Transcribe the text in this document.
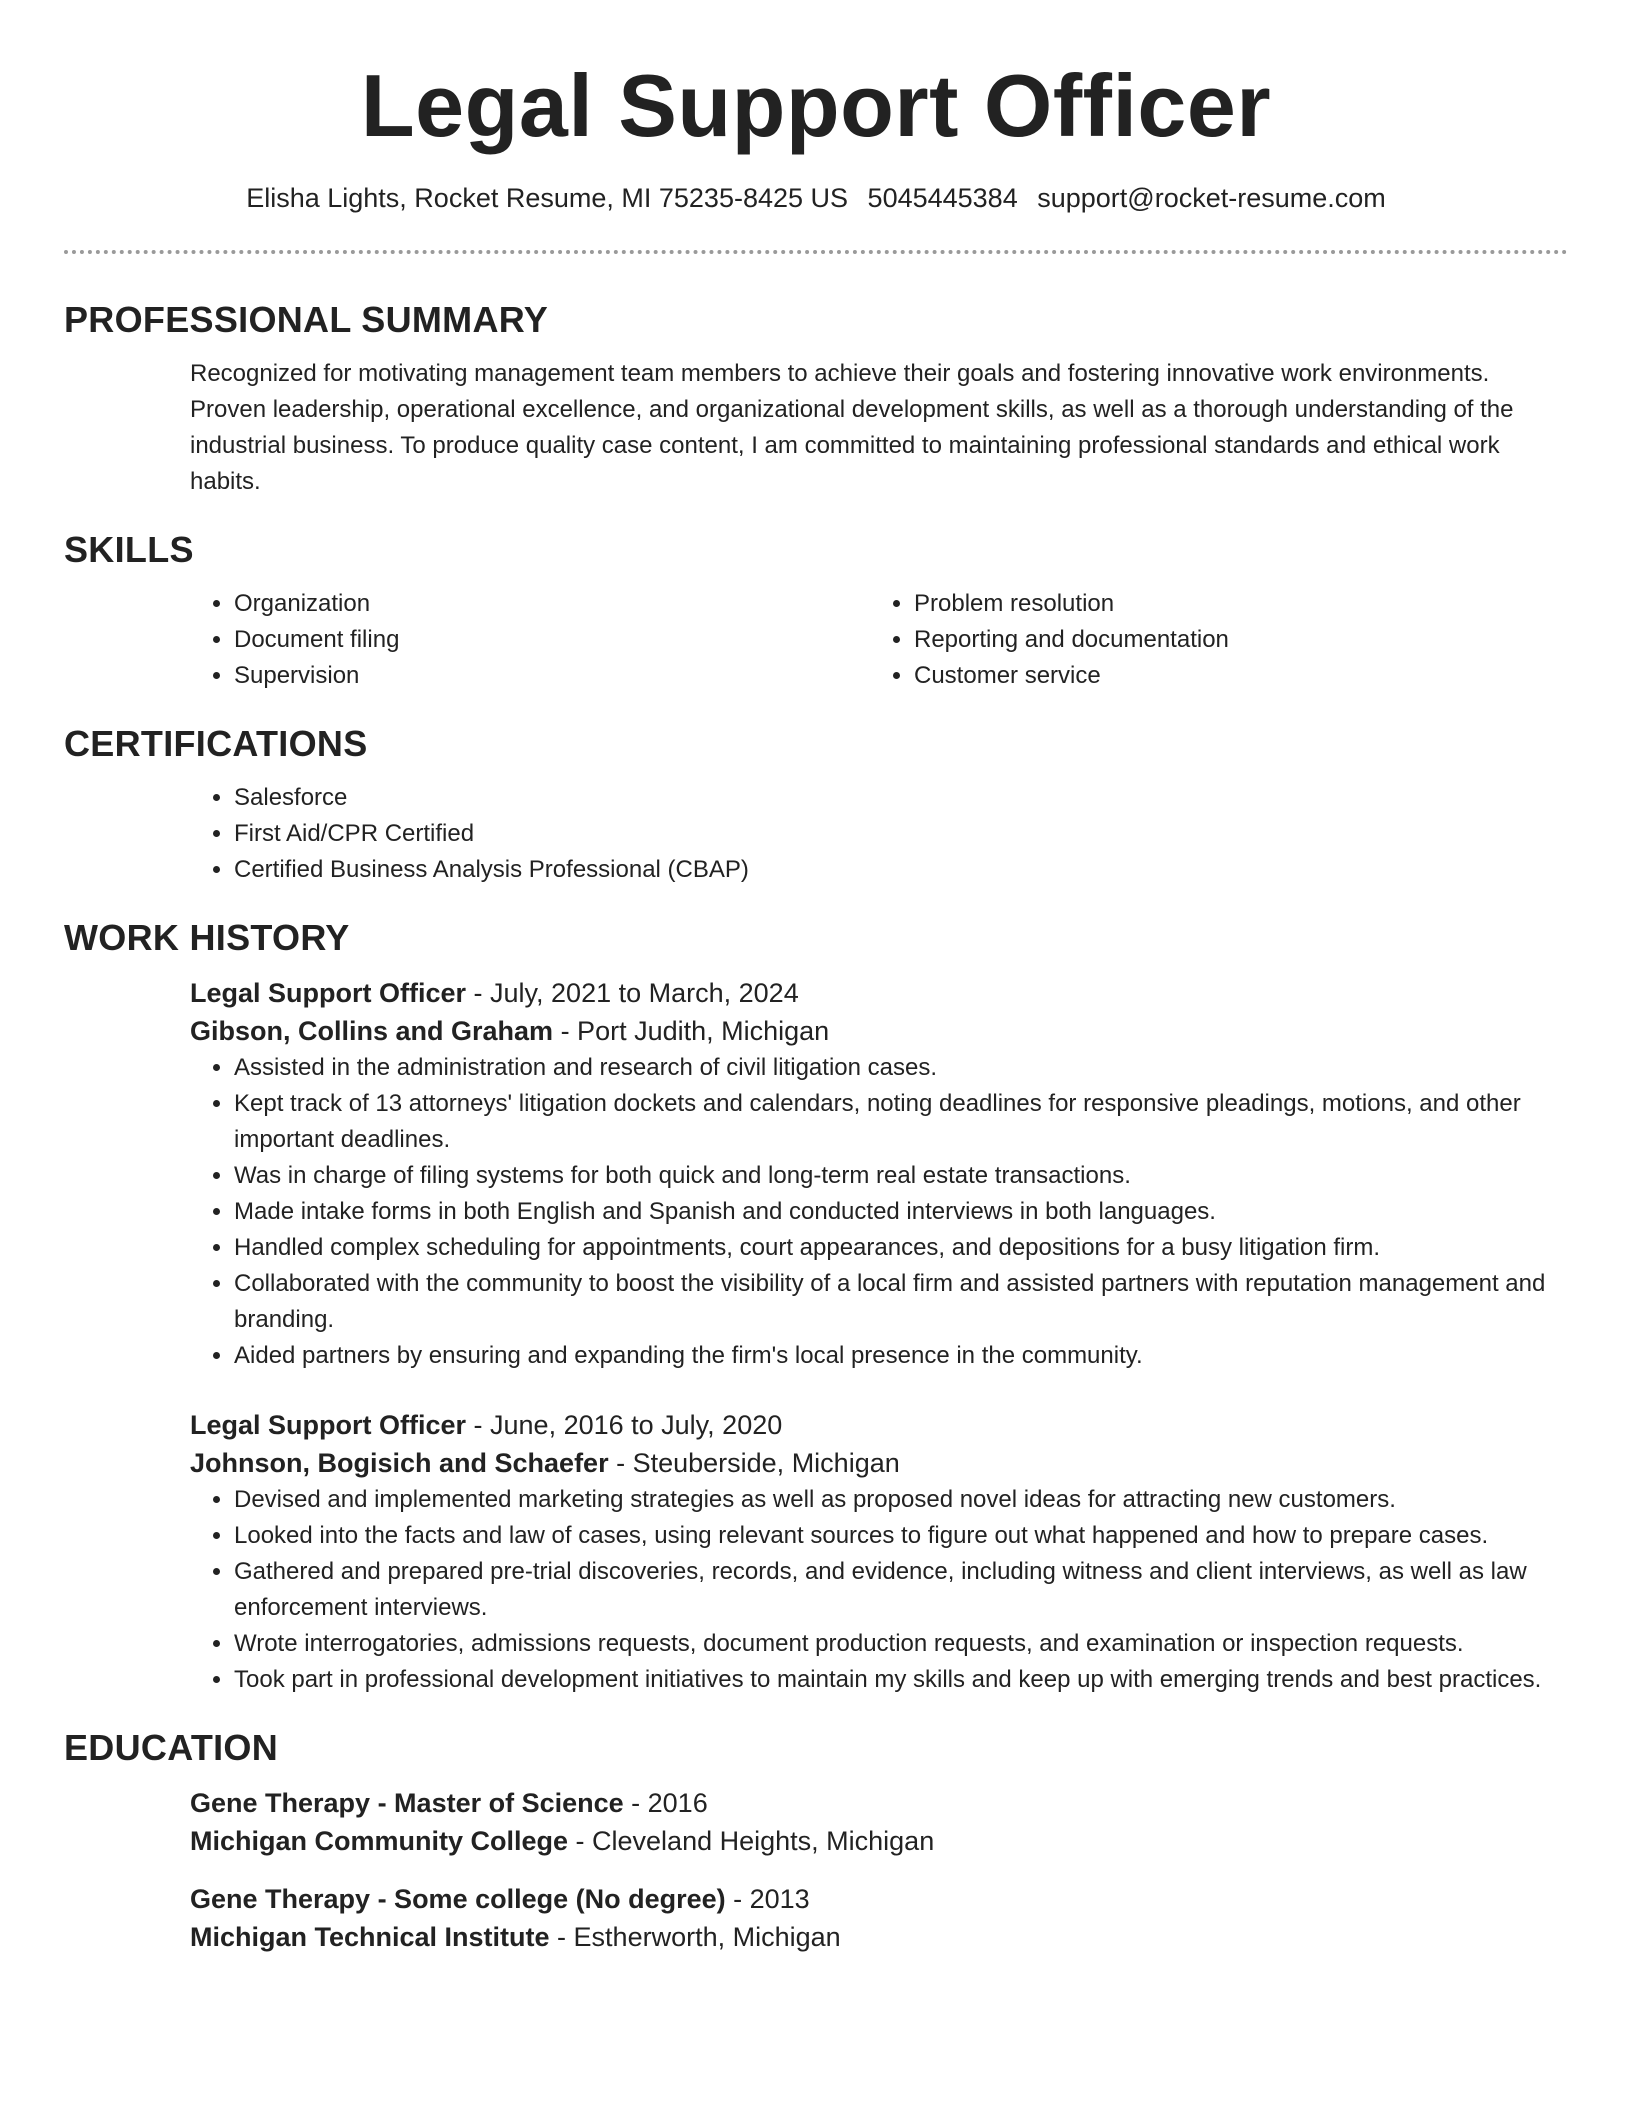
Legal Support Officer
Elisha Lights, Rocket Resume, MI 75235-8425 US 5045445384 support@rocket-resume.com
PROFESSIONAL SUMMARY

Recognized for motivating management team members to achieve their goals and fostering innovative work environments. Proven leadership, operational excellence, and organizational development skills, as well as a thorough understanding of the industrial business. To produce quality case content, I am committed to maintaining professional standards and ethical work habits.

SKILLS
• Organization
• Document filing
• Supervision
• Problem resolution
• Reporting and documentation
• Customer service
CERTIFICATIONS
• Salesforce
• First Aid/CPR Certified
• Certified Business Analysis Professional (CBAP)
WORK HISTORY
Legal Support Officer - July, 2021 to March, 2024
Gibson, Collins and Graham - Port Judith, Michigan
• Assisted in the administration and research of civil litigation cases.
• Kept track of 13 attorneys' litigation dockets and calendars, noting deadlines for responsive pleadings, motions, and other important deadlines.
• Was in charge of filing systems for both quick and long-term real estate transactions.
• Made intake forms in both English and Spanish and conducted interviews in both languages.
• Handled complex scheduling for appointments, court appearances, and depositions for a busy litigation firm.
• Collaborated with the community to boost the visibility of a local firm and assisted partners with reputation management and branding.
• Aided partners by ensuring and expanding the firm's local presence in the community.
Legal Support Officer - June, 2016 to July, 2020
Johnson, Bogisich and Schaefer - Steuberside, Michigan
• Devised and implemented marketing strategies as well as proposed novel ideas for attracting new customers.
• Looked into the facts and law of cases, using relevant sources to figure out what happened and how to prepare cases.
• Gathered and prepared pre-trial discoveries, records, and evidence, including witness and client interviews, as well as law enforcement interviews.
• Wrote interrogatories, admissions requests, document production requests, and examination or inspection requests.
• Took part in professional development initiatives to maintain my skills and keep up with emerging trends and best practices.
EDUCATION
Gene Therapy - Master of Science - 2016
Michigan Community College - Cleveland Heights, Michigan
Gene Therapy - Some college (No degree) - 2013
Michigan Technical Institute - Estherworth, Michigan
